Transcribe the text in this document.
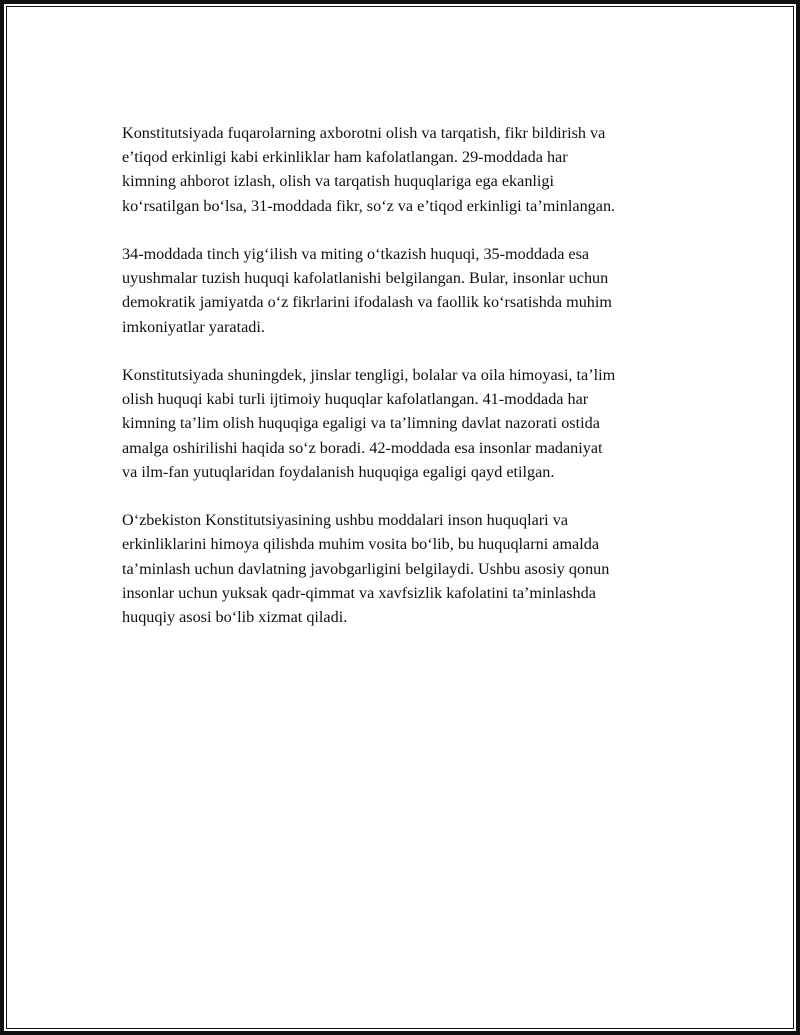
Konstitutsiyada fuqarolarning axborotni olish va tarqatish, fikr bildirish va
e’tiqod erkinligi kabi erkinliklar ham kafolatlangan. 29-moddada har
kimning ahborot izlash, olish va tarqatish huquqlariga ega ekanligi
ko‘rsatilgan bo‘lsa, 31-moddada fikr, so‘z va e’tiqod erkinligi ta’minlangan.

34-moddada tinch yig‘ilish va miting o‘tkazish huquqi, 35-moddada esa
uyushmalar tuzish huquqi kafolatlanishi belgilangan. Bular, insonlar uchun
demokratik jamiyatda o‘z fikrlarini ifodalash va faollik ko‘rsatishda muhim
imkoniyatlar yaratadi.

Konstitutsiyada shuningdek, jinslar tengligi, bolalar va oila himoyasi, ta’lim
olish huquqi kabi turli ijtimoiy huquqlar kafolatlangan. 41-moddada har
kimning ta’lim olish huquqiga egaligi va ta’limning davlat nazorati ostida
amalga oshirilishi haqida so‘z boradi. 42-moddada esa insonlar madaniyat
va ilm-fan yutuqlaridan foydalanish huquqiga egaligi qayd etilgan.

O‘zbekiston Konstitutsiyasining ushbu moddalari inson huquqlari va
erkinliklarini himoya qilishda muhim vosita bo‘lib, bu huquqlarni amalda
ta’minlash uchun davlatning javobgarligini belgilaydi. Ushbu asosiy qonun
insonlar uchun yuksak qadr-qimmat va xavfsizlik kafolatini ta’minlashda
huquqiy asosi bo‘lib xizmat qiladi.
